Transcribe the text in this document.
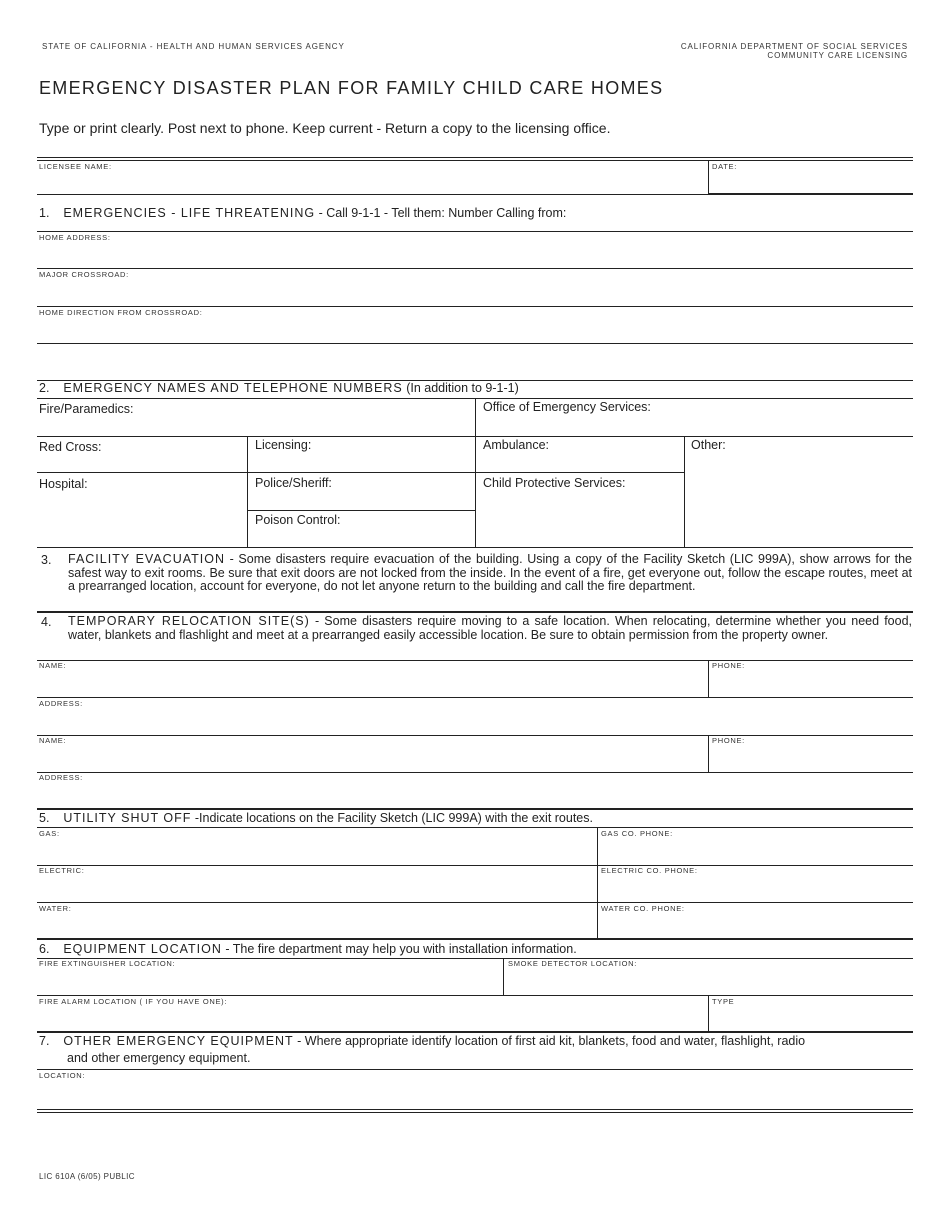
STATE OF CALIFORNIA - HEALTH AND HUMAN SERVICES AGENCY	CALIFORNIA DEPARTMENT OF SOCIAL SERVICES
COMMUNITY CARE LICENSING
EMERGENCY DISASTER PLAN FOR FAMILY CHILD CARE HOMES
Type or print clearly. Post next to phone. Keep current - Return a copy to the licensing office.
LICENSEE NAME:	DATE:
1. EMERGENCIES - LIFE THREATENING - Call 9-1-1 - Tell them: Number Calling from:
HOME ADDRESS:
MAJOR CROSSROAD:
HOME DIRECTION FROM CROSSROAD:
2. EMERGENCY NAMES AND TELEPHONE NUMBERS (In addition to 9-1-1)
Fire/Paramedics:	Office of Emergency Services:
Red Cross:	Licensing:	Ambulance:	Other:
Hospital:	Police/Sheriff:	Child Protective Services:
Poison Control:
3. FACILITY EVACUATION - Some disasters require evacuation of the building. Using a copy of the Facility Sketch (LIC 999A), show arrows for the safest way to exit rooms. Be sure that exit doors are not locked from the inside. In the event of a fire, get everyone out, follow the escape routes, meet at a prearranged location, account for everyone, do not let anyone return to the building and call the fire department.
4. TEMPORARY RELOCATION SITE(S) - Some disasters require moving to a safe location. When relocating, determine whether you need food, water, blankets and flashlight and meet at a prearranged easily accessible location. Be sure to obtain permission from the property owner.
NAME:	PHONE:
ADDRESS:
NAME:	PHONE:
ADDRESS:
5. UTILITY SHUT OFF -Indicate locations on the Facility Sketch (LIC 999A) with the exit routes.
GAS:	GAS CO. PHONE:
ELECTRIC:	ELECTRIC CO. PHONE:
WATER:	WATER CO. PHONE:
6. EQUIPMENT LOCATION - The fire department may help you with installation information.
FIRE EXTINGUISHER LOCATION:	SMOKE DETECTOR LOCATION:
FIRE ALARM LOCATION ( IF YOU HAVE ONE):	TYPE
7. OTHER EMERGENCY EQUIPMENT - Where appropriate identify location of first aid kit, blankets, food and water, flashlight, radio
and other emergency equipment.
LOCATION:
LIC 610A (6/05) PUBLIC
